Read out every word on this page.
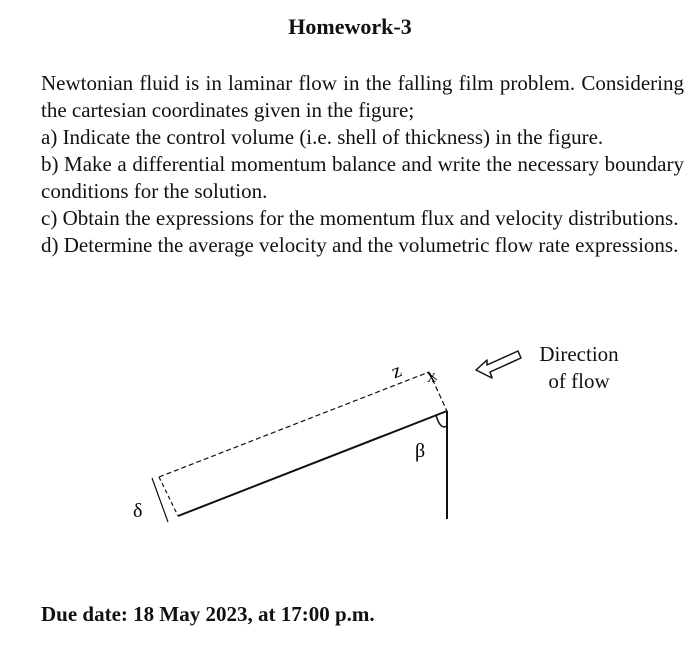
Homework-3

Newtonian fluid is in laminar flow in the falling film problem. Considering the cartesian coordinates given in the figure;

a) Indicate the control volume (i.e. shell of thickness) in the figure.

b) Make a differential momentum balance and write the necessary boundary conditions for the solution.

c) Obtain the expressions for the momentum flux and velocity distributions.

d) Determine the average velocity and the volumetric flow rate expressions.

z x
β
δ
Direction
of flow
Due date: 18 May 2023, at 17:00 p.m.
